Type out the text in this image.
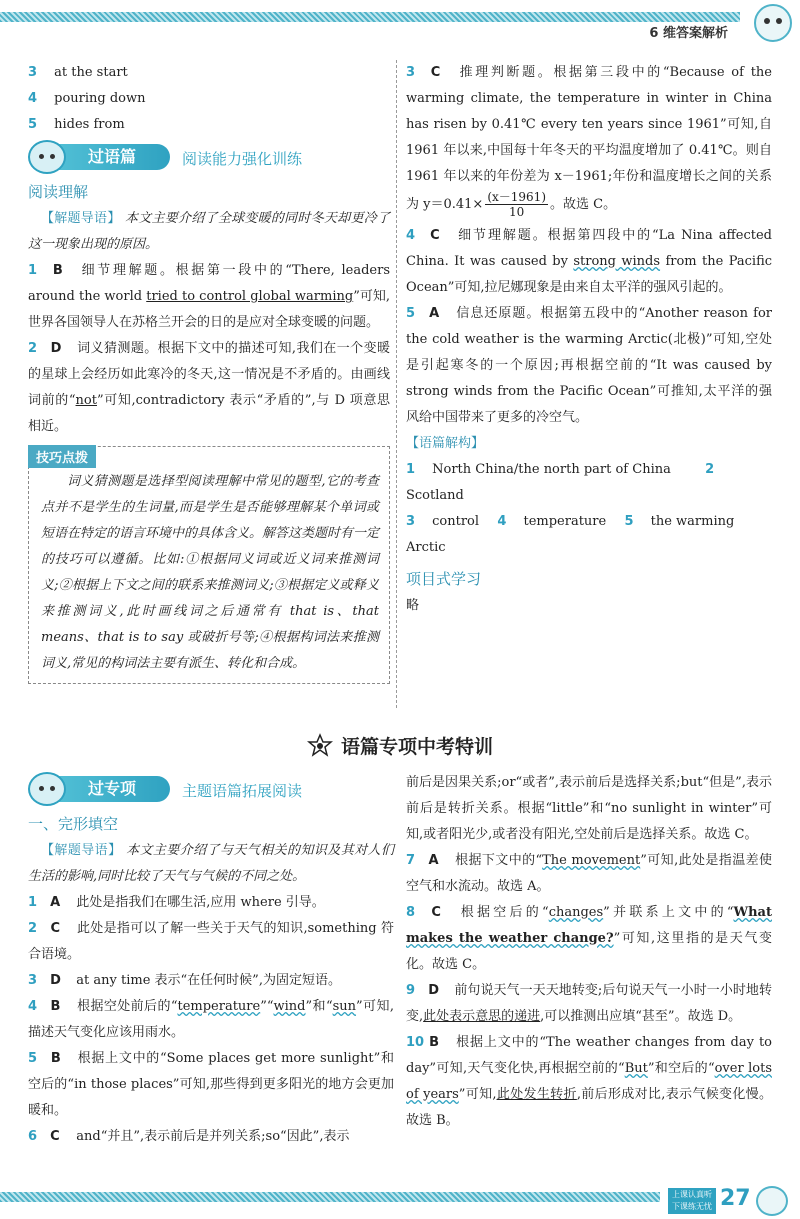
6 维答案解析
3 at the start
4 pouring down
5 hides from
过语篇	阅读能力强化训练
阅读理解
【解题导语】 本文主要介绍了全球变暖的同时冬天却更冷了这一现象出现的原因。
1 B 细节理解题。根据第一段中的“There, leaders around the world tried to control global warming”可知,世界各国领导人在苏格兰开会的日的是应对全球变暖的问题。
2 D 词义猜测题。根据下文中的描述可知,我们在一个变暖的星球上会经历如此寒冷的冬天,这一情况是不矛盾的。由画线词前的“not”可知,contradictory 表示“矛盾的”,与 D 项意思相近。
技巧点拨
词义猜测题是选择型阅读理解中常见的题型,它的考查点并不是学生的生词量,而是学生是否能够理解某个单词或短语在特定的语言环境中的具体含义。解答这类题时有一定的技巧可以遵循。比如:①根据同义词或近义词来推测词义;②根据上下文之间的联系来推测词义;③根据定义或释义来推测词义,此时画线词之后通常有 that is、that means、that is to say 或破折号等;④根据构词法来推测词义,常见的构词法主要有派生、转化和合成。
3 C 推理判断题。根据第三段中的“Because of the warming climate, the temperature in winter in China has risen by 0.41℃ every ten years since 1961”可知,自 1961 年以来,中国每十年冬天的平均温度增加了 0.41℃。则自 1961 年以来的年份差为 x－1961;年份和温度增长之间的关系为 $y=0.41\times \frac{(x-1961)}{10}$ 。故选 C。
4 C 细节理解题。根据第四段中的“La Nina affected China. It was caused by strong winds from the Pacific Ocean”可知,拉尼娜现象是由来自太平洋的强风引起的。
5 A 信息还原题。根据第五段中的“Another reason for the cold weather is the warming Arctic(北极)”可知,空处是引起寒冬的一个原因;再根据空前的“It was caused by strong winds from the Pacific Ocean”可推知,太平洋的强风给中国带来了更多的冷空气。
【语篇解构】
1 North China/the north part of China	2 Scotland
3 control 4 temperature 5 the warming Arctic
项目式学习
略
语篇专项中考特训
过专项	主题语篇拓展阅读
一、完形填空
【解题导语】 本文主要介绍了与天气相关的知识及其对人们生活的影响,同时比较了天气与气候的不同之处。
1 A 此处是指我们在哪生活,应用 where 引导。
2 C 此处是指可以了解一些关于天气的知识,something 符合语境。
3 D at any time 表示“在任何时候”,为固定短语。
4 B 根据空处前后的“temperature”“wind”和“sun”可知,描述天气变化应该用雨水。
5 B 根据上文中的“Some places get more sunlight”和空后的“in those places”可知,那些得到更多阳光的地方会更加暖和。
6 C and“并且”,表示前后是并列关系;so“因此”,表示
前后是因果关系;or“或者”,表示前后是选择关系;but“但是”,表示前后是转折关系。根据“little”和“no sunlight in winter”可知,或者阳光少,或者没有阳光,空处前后是选择关系。故选 C。
7 A 根据下文中的“The movement”可知,此处是指温差使空气和水流动。故选 A。
8 C 根据空后的“changes”并联系上文中的“What makes the weather change?”可知,这里指的是天气变化。故选 C。
9 D 前句说天气一天天地转变;后句说天气一小时一小时地转变,此处表示意思的递进,可以推测出应填“甚至”。故选 D。
10 B 根据上文中的“The weather changes from day to day”可知,天气变化快,再根据空前的“But”和空后的“over lots of years”可知,此处发生转折,前后形成对比,表示气候变化慢。故选 B。
上课认真听 下课练无忧 27
